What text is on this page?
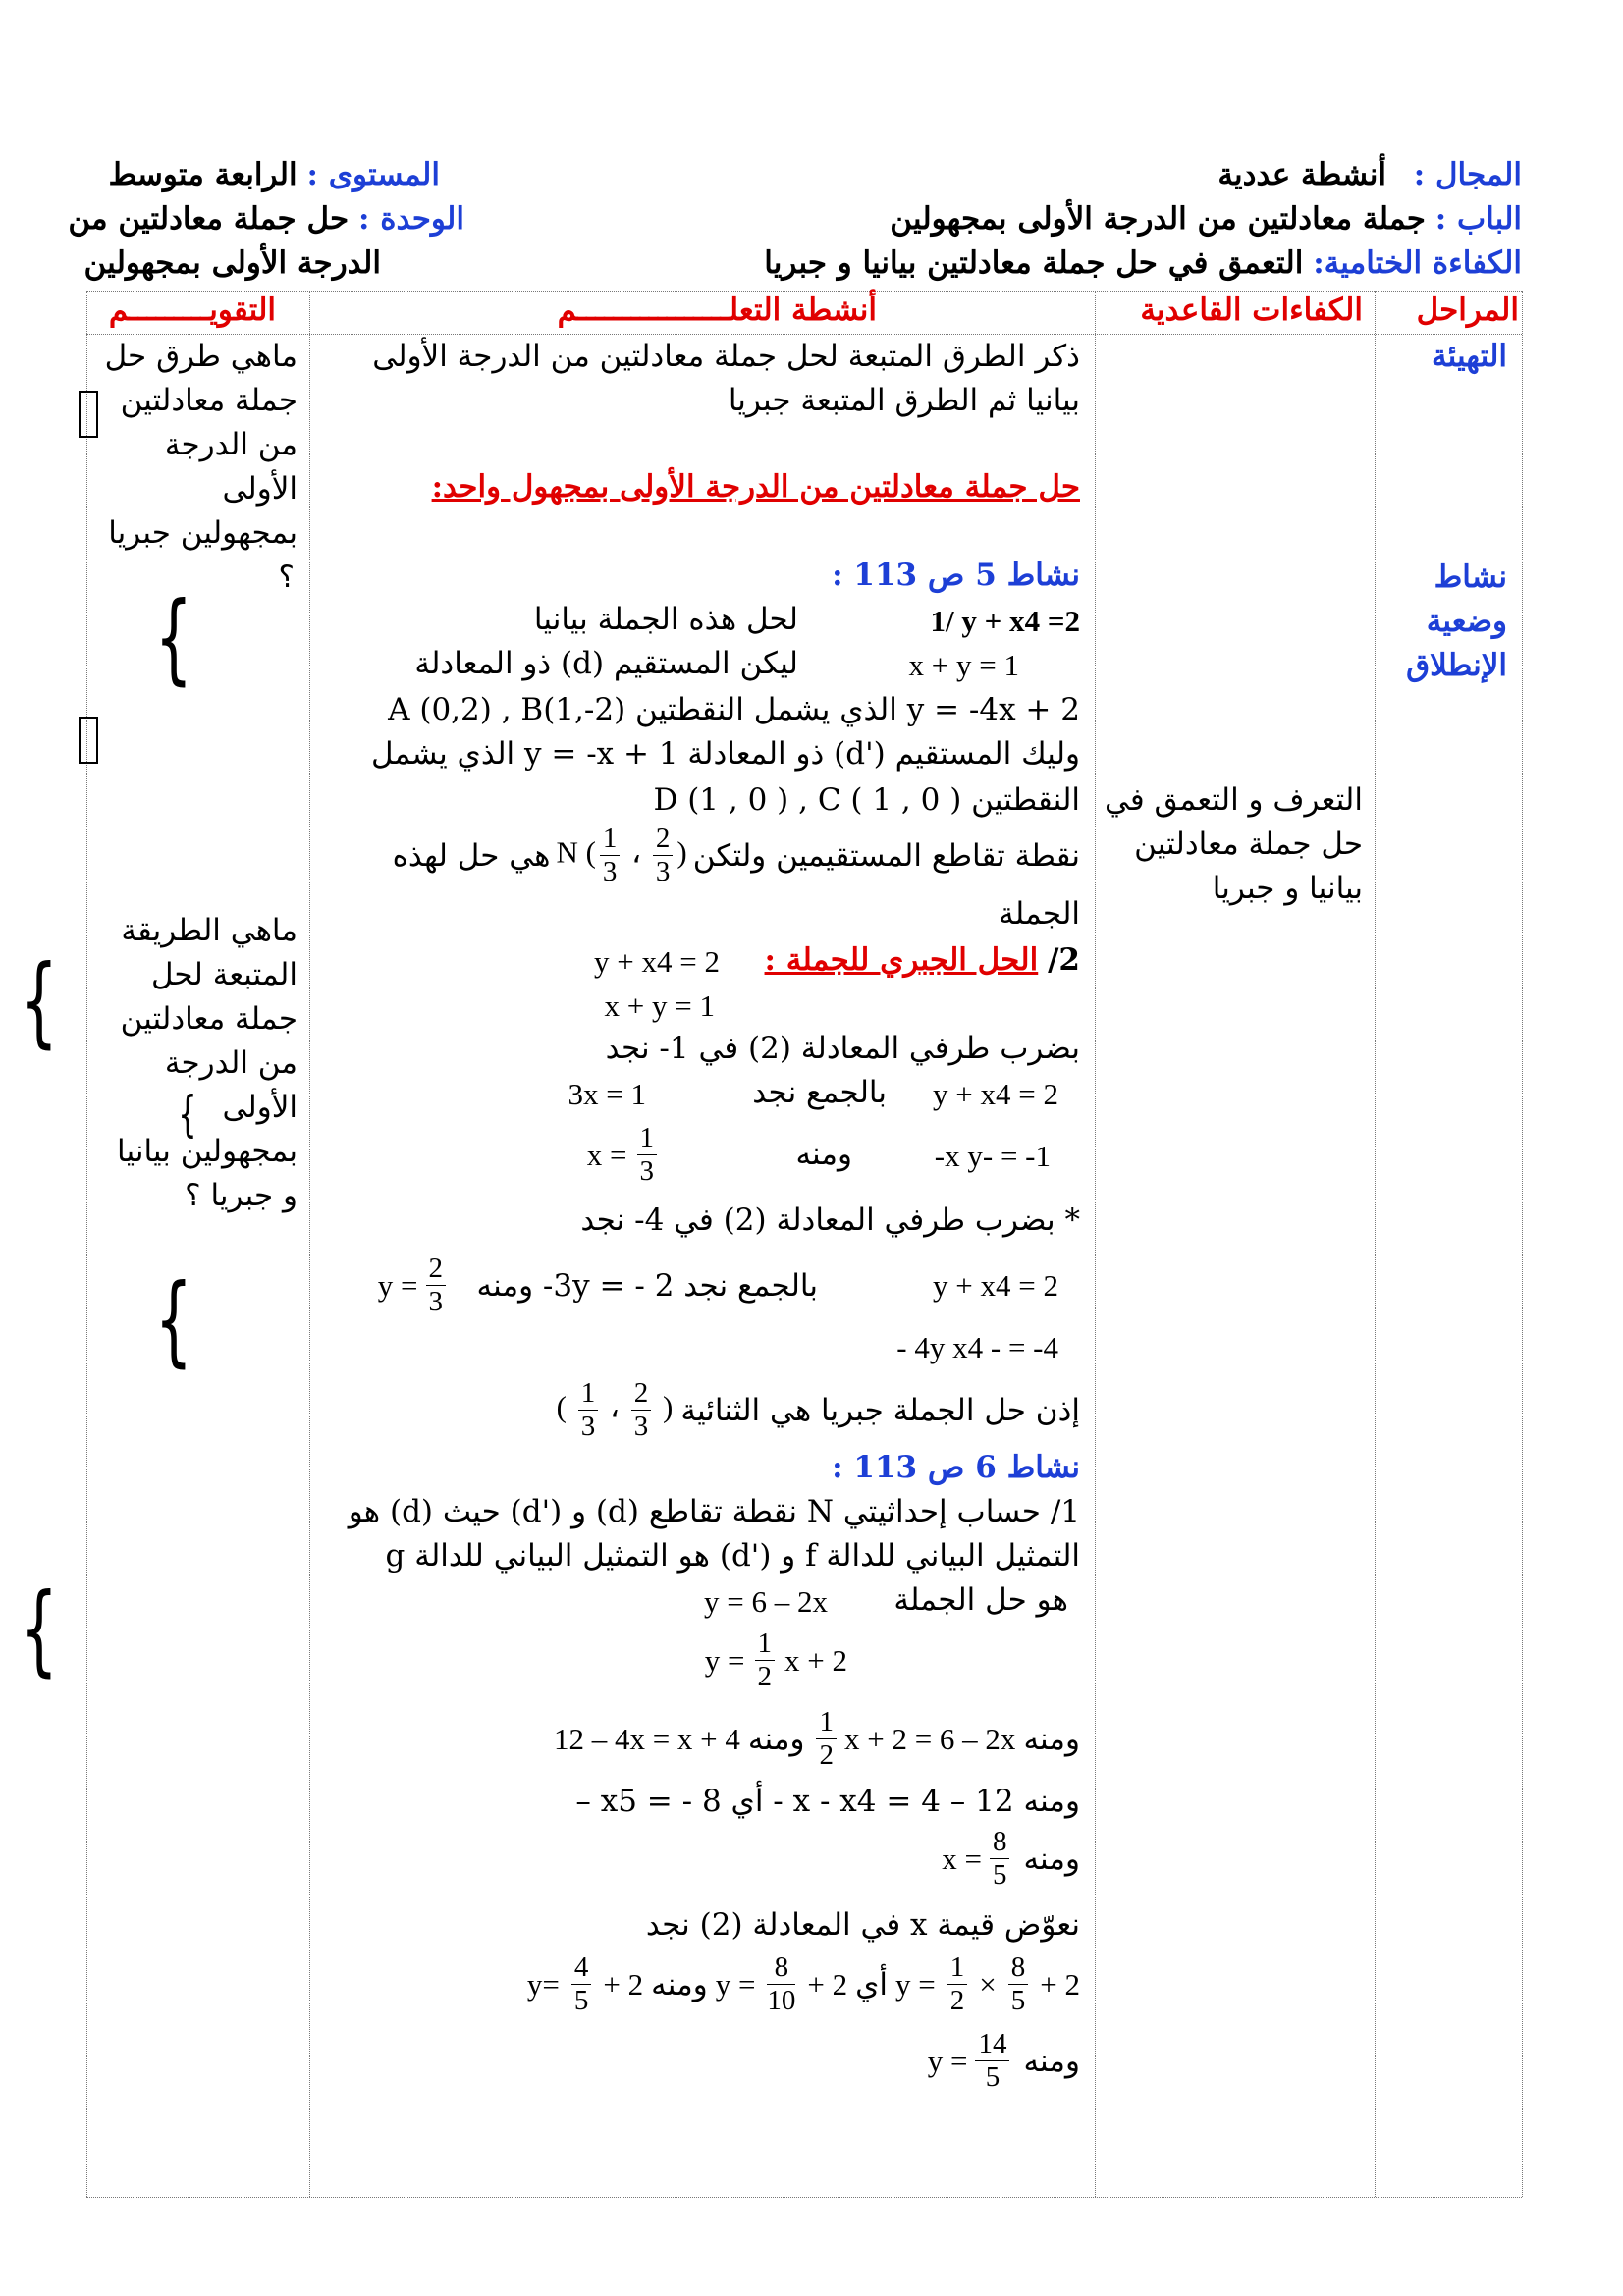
المجال : أنشطة عددية
الباب : جملة معادلتين من الدرجة الأولى بمجهولين
الكفاءة الختامية: التعمق في حل جملة معادلتين بيانيا و جبريا
المستوى : الرابعة متوسط
الوحدة : حل جملة معادلتين من
الدرجة الأولى بمجهولين
المراحل
الكفاءات القاعدية
أنشطة التعلـــــــــــــــــم
التقويـــــــــم
التهيئة
نشاط
وضعية
الإنطلاق
التعرف و التعمق في
حل جملة معادلتين
بيانيا و جبريا
ماهي طرق حل
جملة معادلتين
من الدرجة
الأولى
بمجهولين جبريا
؟
ماهي الطريقة
المتبعة لحل
جملة معادلتين
من الدرجة
الأولى
بمجهولين بيانيا
و جبريا ؟
{
{
{
{
{
ذكر الطرق المتبعة لحل جملة معادلتين من الدرجة الأولى
بيانيا ثم الطرق المتبعة جبريا
حل جملة معادلتين من الدرجة الأولى بمجهول واحد:
نشاط 5 ص 113 :
1/ y + x4 =2
لحل هذه الجملة بيانيا
x + y = 1
ليكن المستقيم (d) ذو المعادلة
y = -4x + 2 الذي يشمل النقطتين A (0,2) , B(1,-2)
وليك المستقيم ('d) ذو المعادلة y = -x + 1 الذي يشمل
النقطتين D (1 , 0 ) , C ( 1 , 0 )
نقطة تقاطع المستقيمين ولتكن
N ( $\frac{1}{3}$ ، $\frac{2}{3}$ )
هي حل لهذه
الجملة
2/ الحل الجبري للجملة :
y + x4 = 2
x + y = 1
بضرب طرفي المعادلة (2) في 1- نجد
y + x4 = 2
بالجمع نجد
3x = 1
-x y- = -1
ومنه
$x = \frac{1}{3}$
* بضرب طرفي المعادلة (2) في 4- نجد
y + x4 = 2
بالجمع نجد 2 - = 3y- ومنه
$y = \frac{2}{3}$
- 4y x4 - = -4
إذن حل الجملة جبريا هي الثنائية
( $\frac{1}{3}$ ، $\frac{2}{3}$ )
نشاط 6 ص 113 :
1/ حساب إحداثيتي N نقطة تقاطع (d) و ('d) حيث (d) هو
التمثيل البياني للدالة f و ('d) هو التمثيل البياني للدالة g
هو حل الجملة
y = 6 – 2x
$y = \frac{1}{2}$ x + 2
ومنه
$\frac{1}{2}$ x + 2 = 6 – 2x
ومنه
12 – 4x = x + 4
ومنه 12 – 4 = x - x4 - أي 8 - = x5 –
ومنه
$x = \frac{8}{5}$
نعوّض قيمة x في المعادلة (2) نجد
$y= \frac{4}{5} + 2$ ومنه $y = \frac{8}{10} + 2$ أي $y = \frac{1}{2} \times \frac{8}{5} + 2$
ومنه
$y = \frac{14}{5}$
